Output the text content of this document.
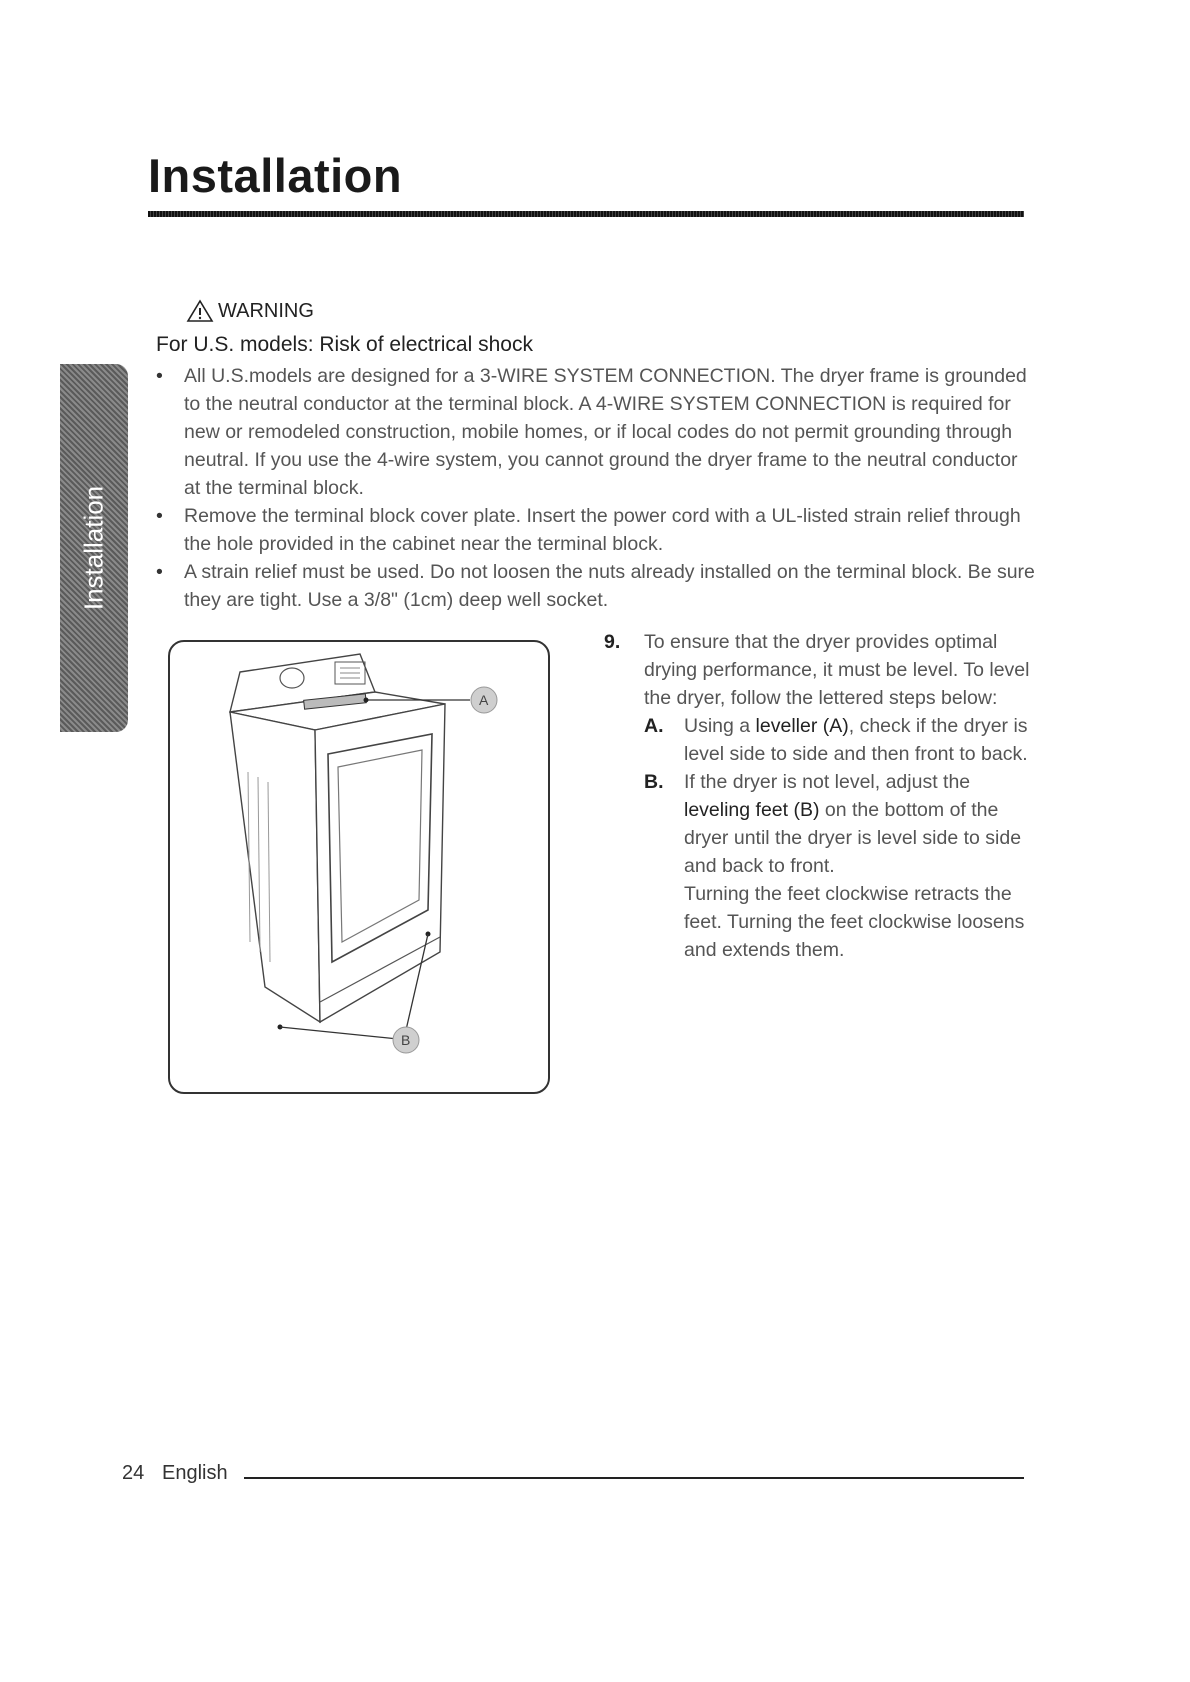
Installation
Installation
WARNING
For U.S. models: Risk of electrical shock
• All U.S.models are designed for a 3-WIRE SYSTEM CONNECTION. The dryer frame is grounded to the neutral conductor at the terminal block. A 4-WIRE SYSTEM CONNECTION is required for new or remodeled construction, mobile homes, or if local codes do not permit grounding through neutral. If you use the 4-wire system, you cannot ground the dryer frame to the neutral conductor at the terminal block.
• Remove the terminal block cover plate. Insert the power cord with a UL-listed strain relief through the hole provided in the cabinet near the terminal block.
• A strain relief must be used. Do not loosen the nuts already installed on the terminal block. Be sure they are tight. Use a 3/8" (1cm) deep well socket.
A
B
9. To ensure that the dryer provides optimal drying performance, it must be level. To level the dryer, follow the lettered steps below:
A. Using a leveller (A), check if the dryer is level side to side and then front to back.
B. If the dryer is not level, adjust the leveling feet (B) on the bottom of the dryer until the dryer is level side to side and back to front.
Turning the feet clockwise retracts the feet. Turning the feet clockwise loosens and extends them.
24 English
